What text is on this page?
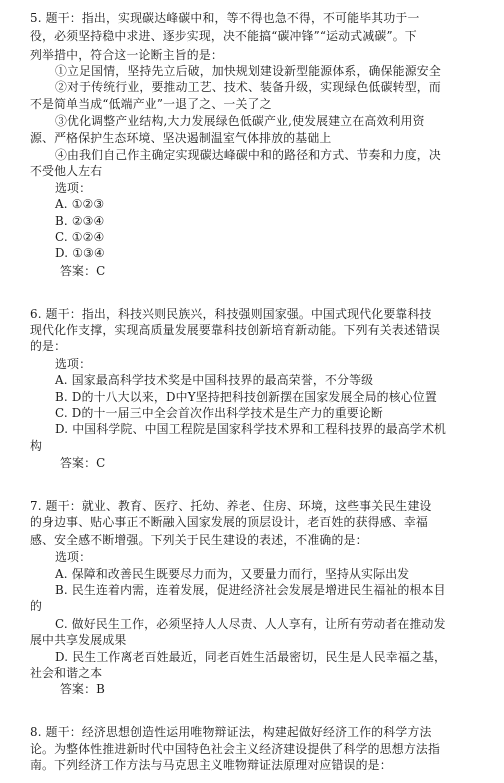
5. 题干：指出，实现碳达峰碳中和，等不得也急不得，不可能毕其功于一
役，必须坚持稳中求进、逐步实现，决不能搞“碳冲锋”“运动式减碳”。下
列举措中，符合这一论断主旨的是：
①立足国情，坚持先立后破，加快规划建设新型能源体系，确保能源安全
②对于传统行业，要推动工艺、技术、装备升级，实现绿色低碳转型，而
不是简单当成“低端产业”一退了之、一关了之
③优化调整产业结构,大力发展绿色低碳产业,使发展建立在高效利用资
源、严格保护生态环境、坚决遏制温室气体排放的基础上
④由我们自己作主确定实现碳达峰碳中和的路径和方式、节奏和力度，决
不受他人左右
选项：
A. ①②③
B. ②③④
C. ①②④
D. ①③④
答案：C
6. 题干：指出，科技兴则民族兴，科技强则国家强。中国式现代化要靠科技
现代化作支撑，实现高质量发展要靠科技创新培育新动能。下列有关表述错误
的是：
选项：
A. 国家最高科学技术奖是中国科技界的最高荣誉，不分等级
B. D的十八大以来，D中Y坚持把科技创新摆在国家发展全局的核心位置
C. D的十一届三中全会首次作出科学技术是生产力的重要论断
D. 中国科学院、中国工程院是国家科学技术界和工程科技界的最高学术机
构
答案：C
7. 题干：就业、教育、医疗、托幼、养老、住房、环境，这些事关民生建设
的身边事、贴心事正不断融入国家发展的顶层设计，老百姓的获得感、幸福
感、安全感不断增强。下列关于民生建设的表述，不准确的是：
选项：
A. 保障和改善民生既要尽力而为，又要量力而行，坚持从实际出发
B. 民生连着内需，连着发展，促进经济社会发展是增进民生福祉的根本目
的
C. 做好民生工作，必须坚持人人尽责、人人享有，让所有劳动者在推动发
展中共享发展成果
D. 民生工作离老百姓最近，同老百姓生活最密切，民生是人民幸福之基，
社会和谐之本
答案：B
8. 题干：经济思想创造性运用唯物辩证法，构建起做好经济工作的科学方法
论。为整体性推进新时代中国特色社会主义经济建设提供了科学的思想方法指
南。下列经济工作方法与马克思主义唯物辩证法原理对应错误的是：
